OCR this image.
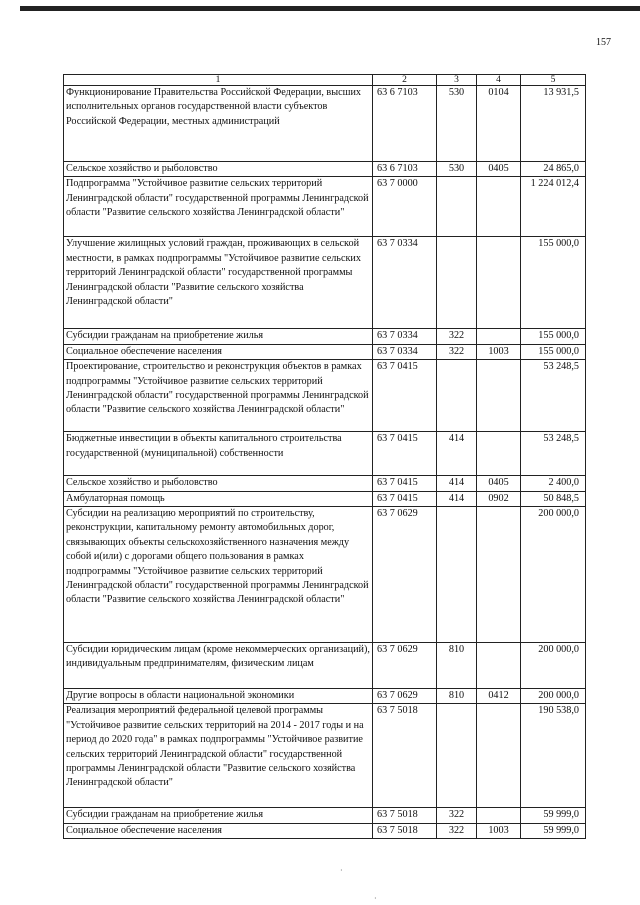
157
1	2	3	4	5
Функционирование Правительства Российской Федерации, высших исполнительных органов государственной власти субъектов Российской Федерации, местных администраций	63 6 7103	530	0104	13 931,5
Сельское хозяйство и рыболовство	63 6 7103	530	0405	24 865,0
Подпрограмма "Устойчивое развитие сельских территорий Ленинградской области" государственной программы Ленинградской области "Развитие сельского хозяйства Ленинградской области"	63 7 0000			1 224 012,4
Улучшение жилищных условий граждан, проживающих в сельской местности, в рамках подпрограммы "Устойчивое развитие сельских территорий Ленинградской области" государственной программы Ленинградской области "Развитие сельского хозяйства Ленинградской области"	63 7 0334			155 000,0
Субсидии гражданам на приобретение жилья	63 7 0334	322		155 000,0
Социальное обеспечение населения	63 7 0334	322	1003	155 000,0
Проектирование, строительство и реконструкция объектов в рамках подпрограммы "Устойчивое развитие сельских территорий Ленинградской области" государственной программы Ленинградской области "Развитие сельского хозяйства Ленинградской области"	63 7 0415			53 248,5
Бюджетные инвестиции в объекты капитального строительства государственной (муниципальной) собственности	63 7 0415	414		53 248,5
Сельское хозяйство и рыболовство	63 7 0415	414	0405	2 400,0
Амбулаторная помощь	63 7 0415	414	0902	50 848,5
Субсидии на реализацию мероприятий по строительству, реконструкции, капитальному ремонту автомобильных дорог, связывающих объекты сельскохозяйственного назначения между собой и(или) с дорогами общего пользования в рамках подпрограммы "Устойчивое развитие сельских территорий Ленинградской области" государственной программы Ленинградской области "Развитие сельского хозяйства Ленинградской области"	63 7 0629			200 000,0
Субсидии юридическим лицам (кроме некоммерческих организаций), индивидуальным предпринимателям, физическим лицам	63 7 0629	810		200 000,0
Другие вопросы в области национальной экономики	63 7 0629	810	0412	200 000,0
Реализация мероприятий федеральной целевой программы "Устойчивое развитие сельских территорий на 2014 - 2017 годы и на период до 2020 года" в рамках подпрограммы "Устойчивое развитие сельских территорий Ленинградской области" государственной программы Ленинградской области "Развитие сельского хозяйства Ленинградской области"	63 7 5018			190 538,0
Субсидии гражданам на приобретение жилья	63 7 5018	322		59 999,0
Социальное обеспечение населения	63 7 5018	322	1003	59 999,0
·
·
